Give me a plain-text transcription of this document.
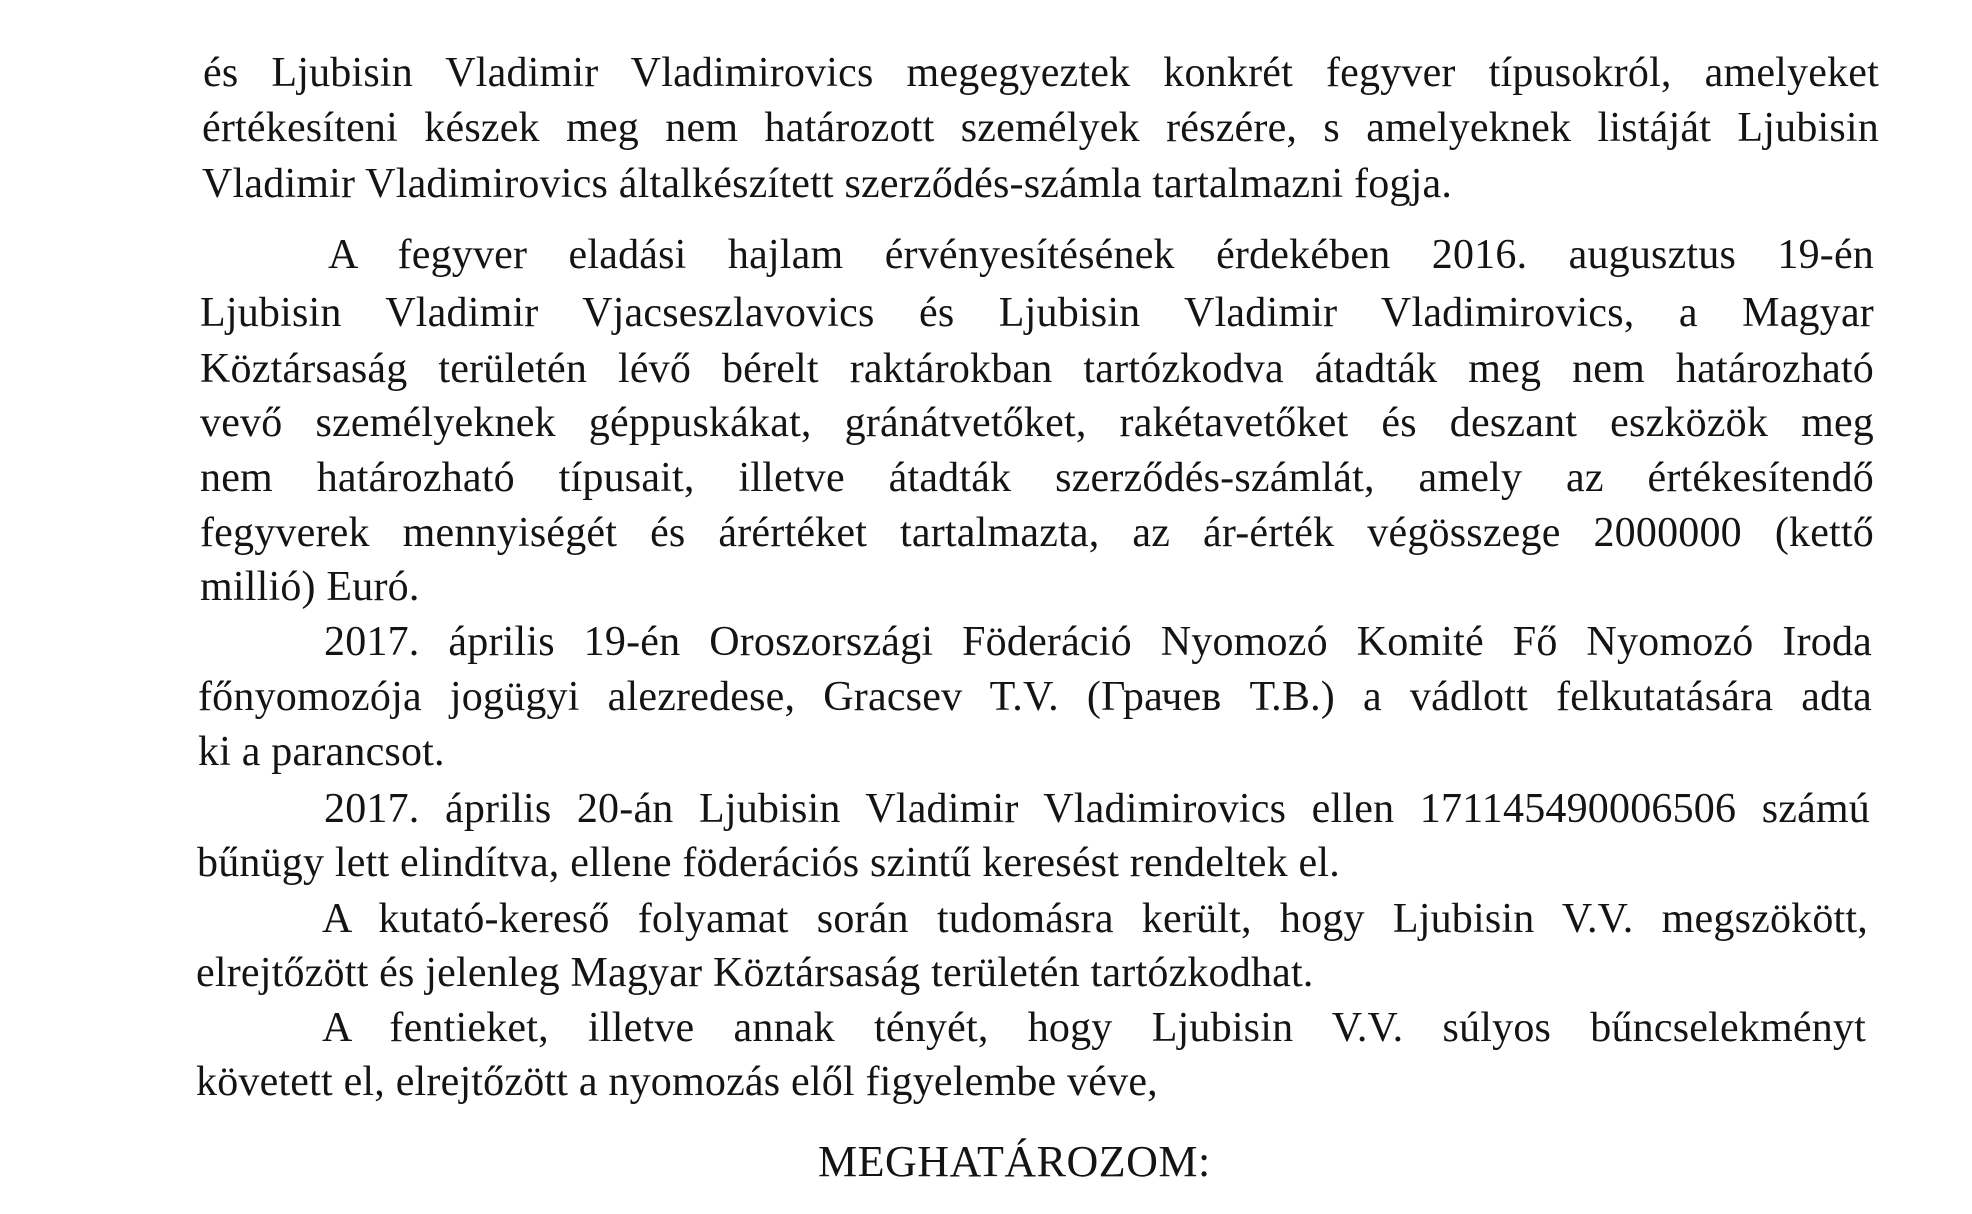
és Ljubisin Vladimir Vladimirovics megegyeztek konkrét fegyver típusokról, amelyeket
értékesíteni készek meg nem határozott személyek részére, s amelyeknek listáját Ljubisin
Vladimir Vladimirovics általkészített szerződés-számla tartalmazni fogja.
A fegyver eladási hajlam érvényesítésének érdekében 2016. augusztus 19-én
Ljubisin Vladimir Vjacseszlavovics és Ljubisin Vladimir Vladimirovics, a Magyar
Köztársaság területén lévő bérelt raktárokban tartózkodva átadták meg nem határozható
vevő személyeknek géppuskákat, gránátvetőket, rakétavetőket és deszant eszközök meg
nem határozható típusait, illetve átadták szerződés-számlát, amely az értékesítendő
fegyverek mennyiségét és árértéket tartalmazta, az ár-érték végösszege 2000000 (kettő
millió) Euró.
2017. április 19-én Oroszországi Föderáció Nyomozó Komité Fő Nyomozó Iroda
főnyomozója jogügyi alezredese, Gracsev T.V. (Грачев Т.В.) a vádlott felkutatására adta
ki a parancsot.
2017. április 20-án Ljubisin Vladimir Vladimirovics ellen 171145490006506 számú
bűnügy lett elindítva, ellene föderációs szintű keresést rendeltek el.
A kutató-kereső folyamat során tudomásra került, hogy Ljubisin V.V. megszökött,
elrejtőzött és jelenleg Magyar Köztársaság területén tartózkodhat.
A fentieket, illetve annak tényét, hogy Ljubisin V.V. súlyos bűncselekményt
követett el, elrejtőzött a nyomozás elől figyelembe véve,
MEGHATÁROZOM:
